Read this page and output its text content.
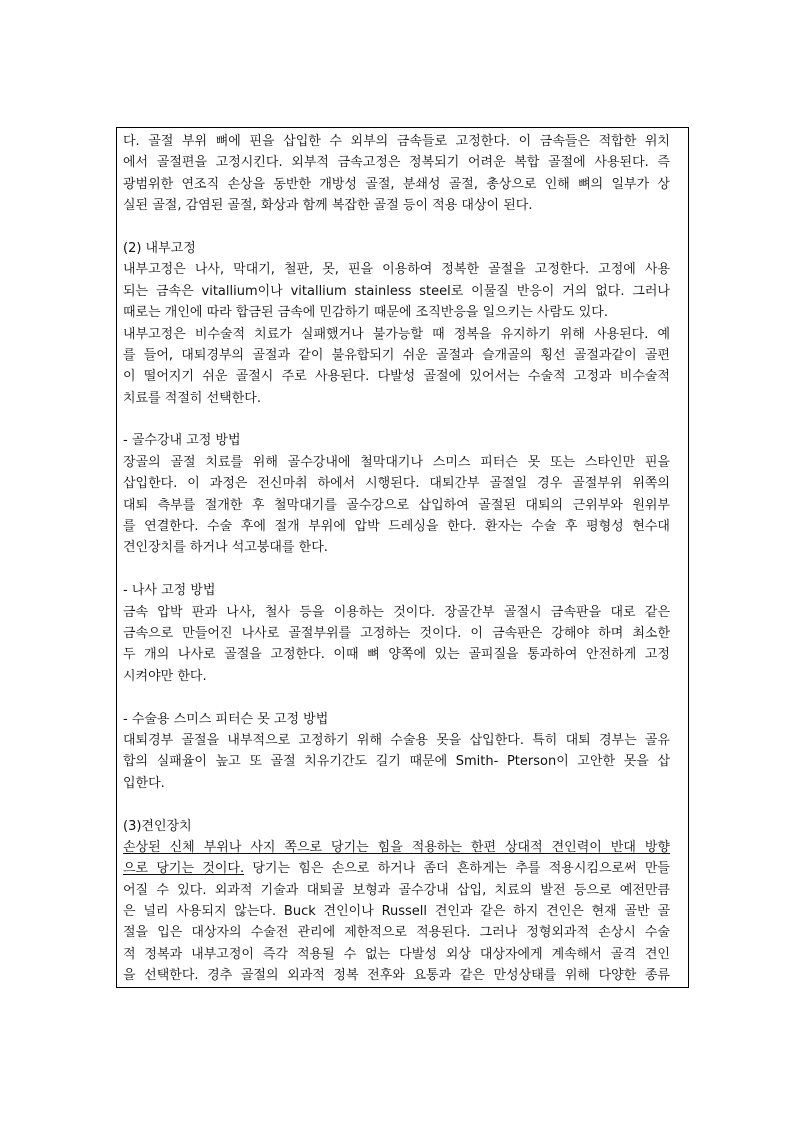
다. 골절 부위 뼈에 핀을 삽입한 수 외부의 금속들로 고정한다. 이 금속들은 적합한 위치
에서 골절편을 고정시킨다. 외부적 금속고정은 정복되기 어려운 복합 골절에 사용된다. 즉
광범위한 연조직 손상을 동반한 개방성 골절, 분쇄성 골절, 총상으로 인해 뼈의 일부가 상
실된 골절, 감염된 골절, 화상과 함께 복잡한 골절 등이 적용 대상이 된다.
(2) 내부고정
내부고정은 나사, 막대기, 철판, 못, 핀을 이용하여 정복한 골절을 고정한다. 고정에 사용
되는 금속은 vitallium이나 vitallium stainless steel로 이물질 반응이 거의 없다. 그러나
때로는 개인에 따라 합금된 금속에 민감하기 때문에 조직반응을 일으키는 사람도 있다.
내부고정은 비수술적 치료가 실패했거나 불가능할 때 정복을 유지하기 위해 사용된다. 예
를 들어, 대퇴경부의 골절과 같이 불유합되기 쉬운 골절과 슬개골의 횡선 골절과같이 골편
이 떨어지기 쉬운 골절시 주로 사용된다. 다발성 골절에 있어서는 수술적 고정과 비수술적
치료를 적절히 선택한다.
- 골수강내 고정 방법
장골의 골절 치료를 위해 골수강내에 철막대기나 스미스 피터슨 못 또는 스타인만 핀을
삽입한다. 이 과정은 전신마취 하에서 시행된다. 대퇴간부 골절일 경우 골절부위 위쪽의
대퇴 측부를 절개한 후 철막대기를 골수강으로 삽입하여 골절된 대퇴의 근위부와 원위부
를 연결한다. 수술 후에 절개 부위에 압박 드레싱을 한다. 환자는 수술 후 평형성 현수대
견인장치를 하거나 석고붕대를 한다.
- 나사 고정 방법
금속 압박 판과 나사, 철사 등을 이용하는 것이다. 장골간부 골절시 금속판을 대로 같은
금속으로 만들어진 나사로 골절부위를 고정하는 것이다. 이 금속판은 강해야 하며 최소한
두 개의 나사로 골절을 고정한다. 이때 뼈 양쪽에 있는 골피질을 통과하여 안전하게 고정
시켜야만 한다.
- 수술용 스미스 피터슨 못 고정 방법
대퇴경부 골절을 내부적으로 고정하기 위해 수술용 못을 삽입한다. 특히 대퇴 경부는 골유
합의 실패율이 높고 또 골절 치유기간도 길기 때문에 Smith- Pterson이 고안한 못을 삽
입한다.
(3)견인장치
손상된 신체 부위나 사지 쪽으로 당기는 힘을 적용하는 한편 상대적 견인력이 반대 방향
으로 당기는 것이다. 당기는 힘은 손으로 하거나 좀더 흔하게는 추를 적용시킴으로써 만들
어질 수 있다. 외과적 기술과 대퇴골 보형과 골수강내 삽입, 치료의 발전 등으로 예전만큼
은 널리 사용되지 않는다. Buck 견인이나 Russell 견인과 같은 하지 견인은 현재 골반 골
절을 입은 대상자의 수술전 관리에 제한적으로 적용된다. 그러나 정형외과적 손상시 수술
적 정복과 내부고정이 즉각 적용될 수 없는 다발성 외상 대상자에게 계속해서 골격 견인
을 선택한다. 경추 골절의 외과적 정복 전후와 요통과 같은 만성상태를 위해 다양한 종류
